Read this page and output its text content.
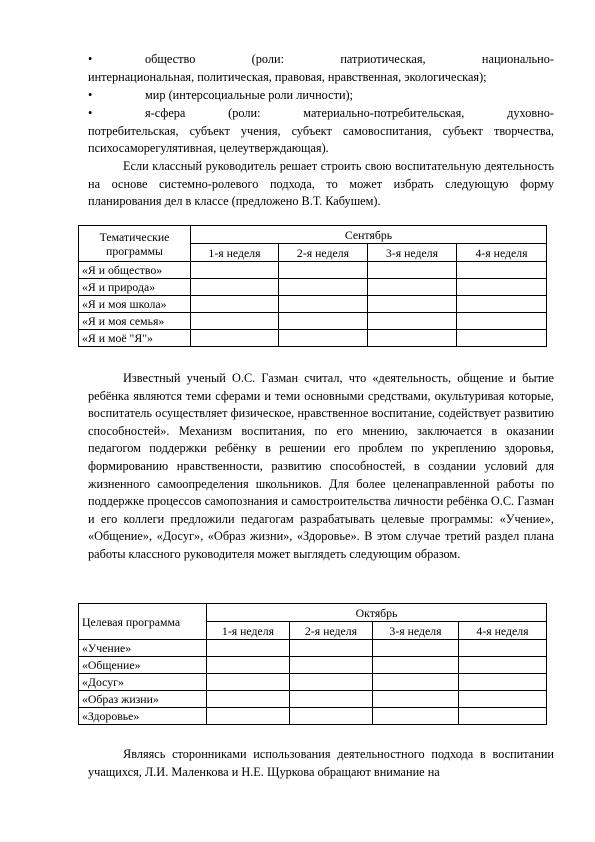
•	общество (роли: патриотическая, национально-
интернациональная, политическая, правовая, нравственная, экологическая);
•	мир (интерсоциальные роли личности);
•	я-сфера (роли: материально-потребительская, духовно-
потребительская, субъект учения, субъект самовоспитания, субъект творчества, психосаморегулятивная, целеутверждающая).
Если классный руководитель решает строить свою воспитательную деятельность на основе системно-ролевого подхода, то может избрать следующую форму планирования дел в классе (предложено В.Т. Кабушем).
Тематические программы	Сентябрь			
	1-я неделя	2-я неделя	3-я неделя	4-я неделя
«Я и общество»				
«Я и природа»				
«Я и моя школа»				
«Я и моя семья»				
«Я и моё "Я"»				
Известный ученый О.С. Газман считал, что «деятельность, общение и бытие ребёнка являются теми сферами и теми основными средствами, окультуривая которые, воспитатель осуществляет физическое, нравственное воспитание, содействует развитию способностей». Механизм воспитания, по его мнению, заключается в оказании педагогом поддержки ребёнку в решении его проблем по укреплению здоровья, формированию нравственности, развитию способностей, в создании условий для жизненного самоопределения школьников. Для более целенаправленной работы по поддержке процессов самопознания и самостроительства личности ребёнка О.С. Газман и его коллеги предложили педагогам разрабатывать целевые программы: «Учение», «Общение», «Досуг», «Образ жизни», «Здоровье». В этом случае третий раздел плана работы классного руководителя может выглядеть следующим образом.
Целевая программа	Октябрь			
	1-я неделя	2-я неделя	3-я неделя	4-я неделя
«Учение»				
«Общение»				
«Досуг»				
«Образ жизни»				
«Здоровье»				
Являясь сторонниками использования деятельностного подхода в воспитании учащихся, Л.И. Маленкова и Н.Е. Щуркова обращают внимание на
